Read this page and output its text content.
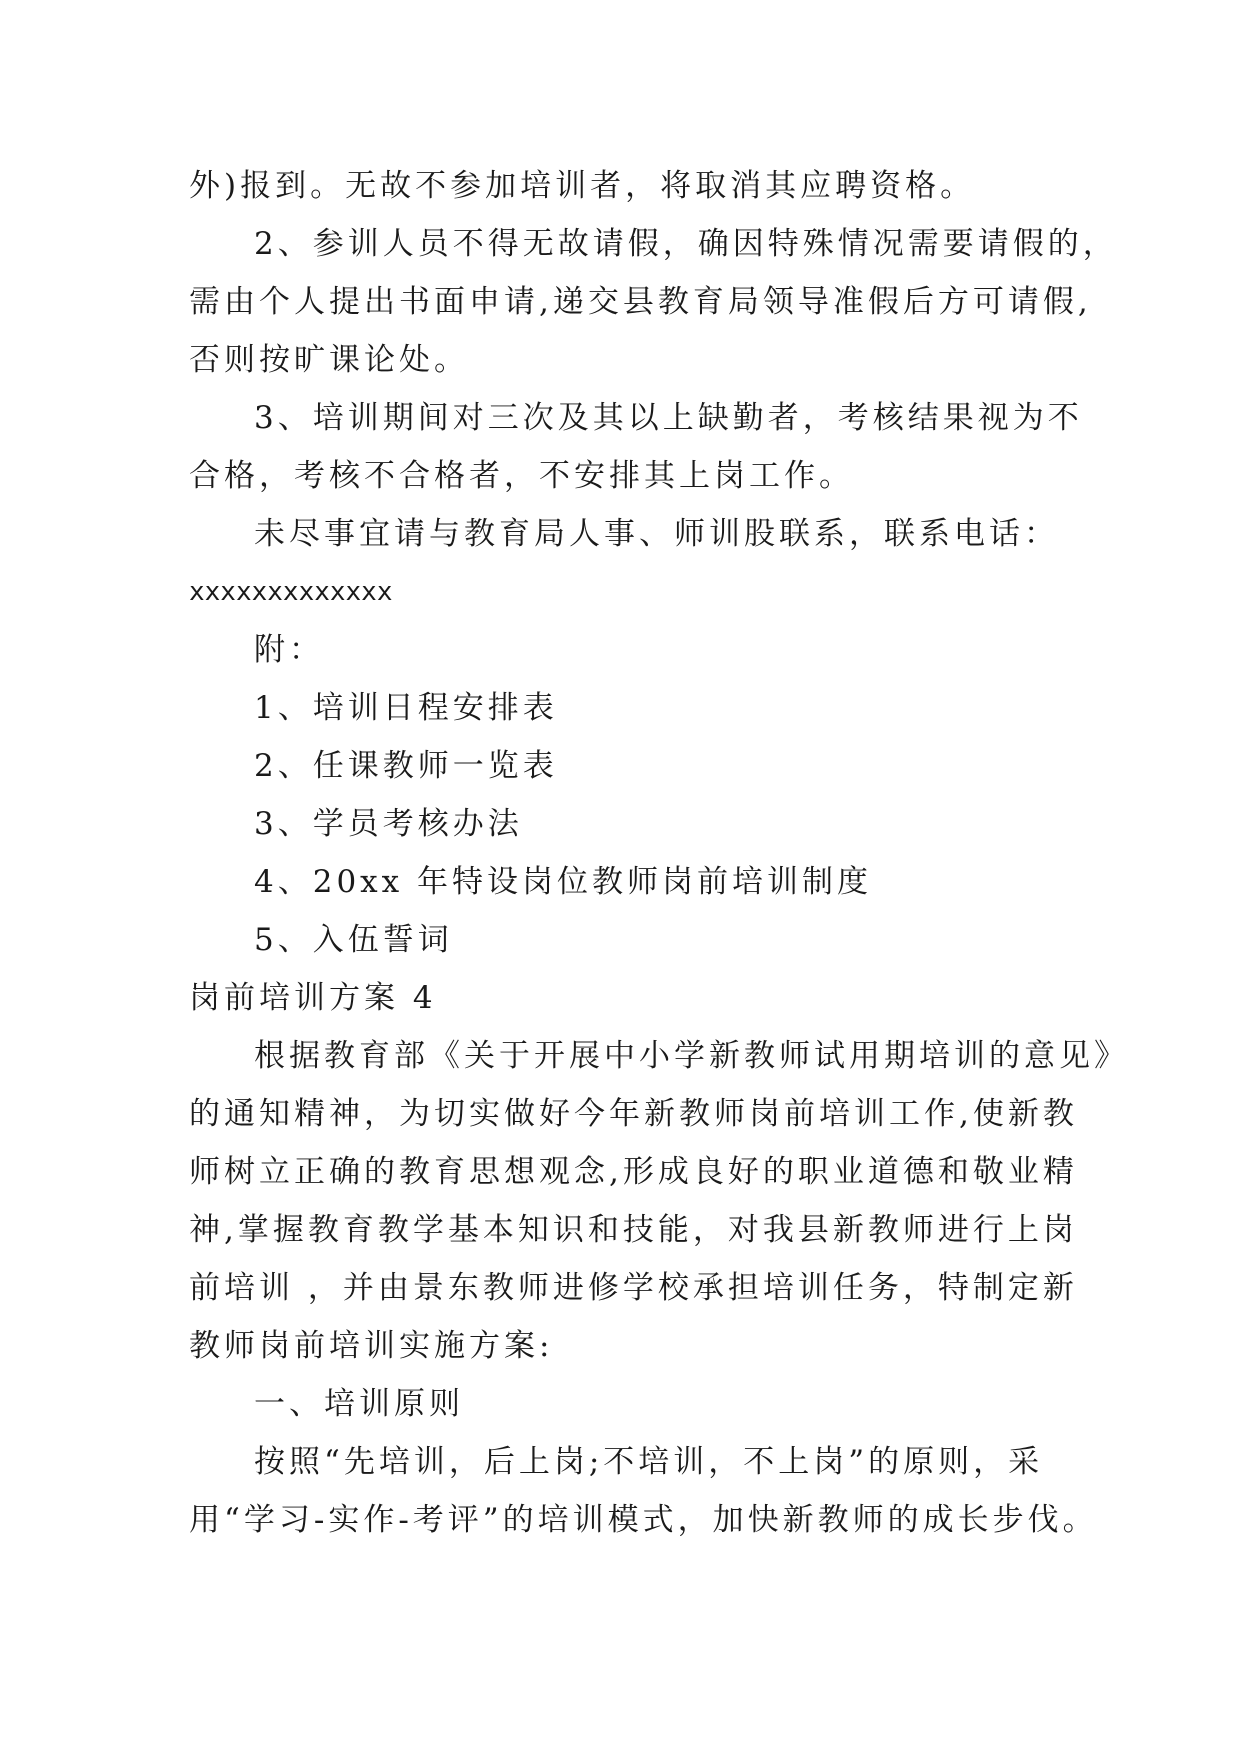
外)报到。无故不参加培训者，将取消其应聘资格。
2、参训人员不得无故请假，确因特殊情况需要请假的，
需由个人提出书面申请,递交县教育局领导准假后方可请假,
否则按旷课论处。
3、培训期间对三次及其以上缺勤者，考核结果视为不
合格，考核不合格者，不安排其上岗工作。
未尽事宜请与教育局人事、师训股联系，联系电话：
xxxxxxxxxxxxx
附：
1、培训日程安排表
2、任课教师一览表
3、学员考核办法
4、20xx 年特设岗位教师岗前培训制度
5、入伍誓词
岗前培训方案 4
根据教育部《关于开展中小学新教师试用期培训的意见》
的通知精神，为切实做好今年新教师岗前培训工作,使新教
师树立正确的教育思想观念,形成良好的职业道德和敬业精
神,掌握教育教学基本知识和技能，对我县新教师进行上岗
前培训 ，并由景东教师进修学校承担培训任务，特制定新
教师岗前培训实施方案:
一、培训原则
按照“先培训，后上岗;不培训，不上岗”的原则，采
用“学习-实作-考评”的培训模式，加快新教师的成长步伐。
